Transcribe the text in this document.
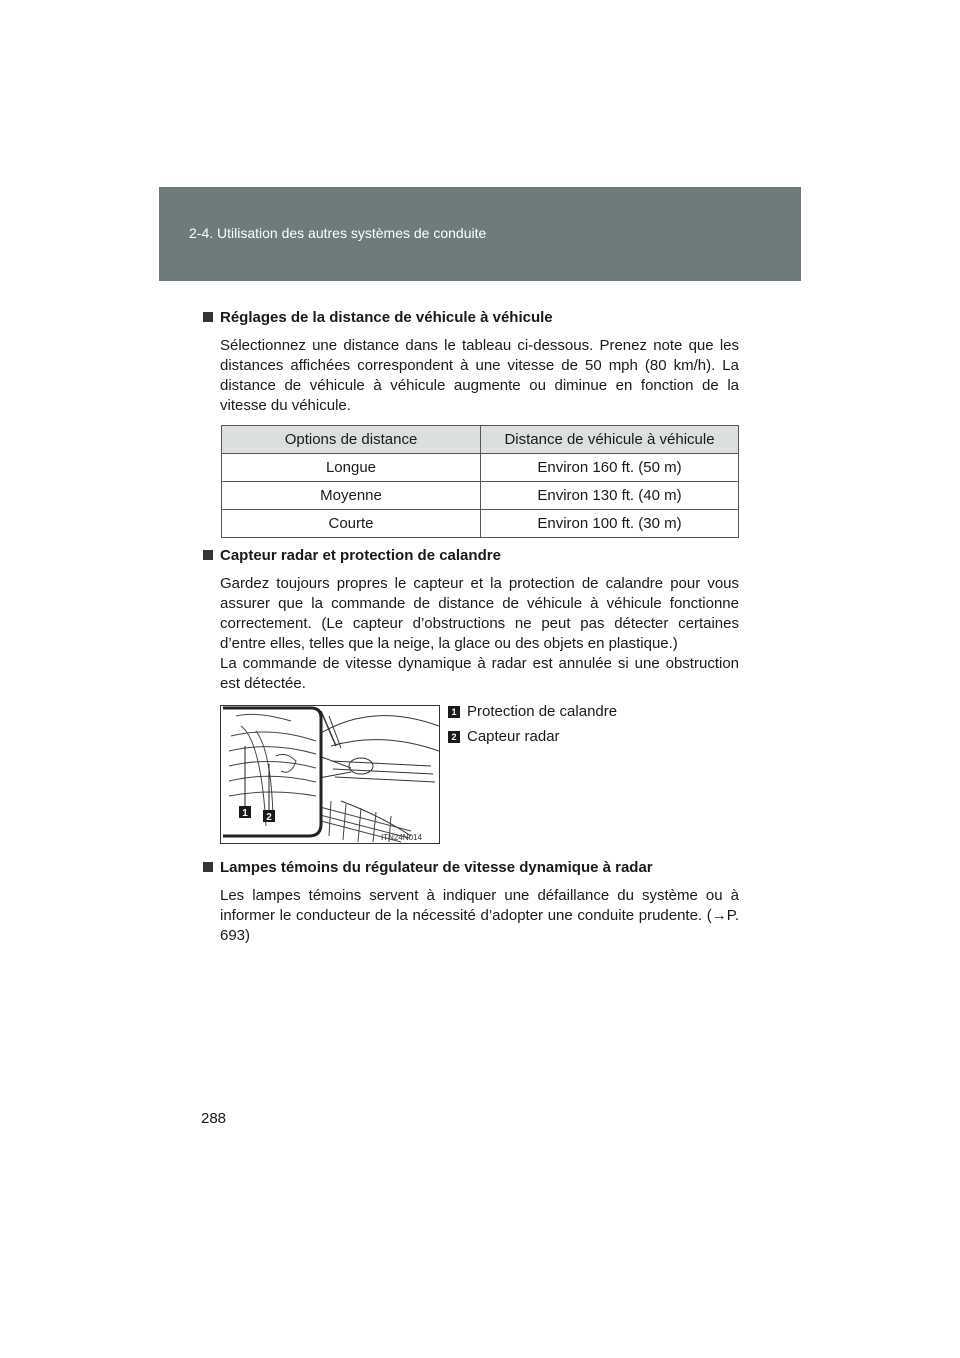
2-4. Utilisation des autres systèmes de conduite
Réglages de la distance de véhicule à véhicule
Sélectionnez une distance dans le tableau ci-dessous. Prenez note que les distances affichées correspondent à une vitesse de 50 mph (80 km/h). La distance de véhicule à véhicule augmente ou diminue en fonction de la vitesse du véhicule.
Options de distance	Distance de véhicule à véhicule
Longue	Environ 160 ft. (50 m)
Moyenne	Environ 130 ft. (40 m)
Courte	Environ 100 ft. (30 m)
Capteur radar et protection de calandre
Gardez toujours propres le capteur et la protection de calandre pour vous assurer que la commande de distance de véhicule à véhicule fonctionne correctement. (Le capteur d’obstructions ne peut pas détecter certaines d’entre elles, telles que la neige, la glace ou des objets en plastique.)
La commande de vitesse dynamique à radar est annulée si une obstruction est détectée.
1 2
ITN24N014
1 Protection de calandre
2 Capteur radar
Lampes témoins du régulateur de vitesse dynamique à radar
Les lampes témoins servent à indiquer une défaillance du système ou à informer le conducteur de la nécessité d’adopter une conduite prudente. (→P. 693)
288
